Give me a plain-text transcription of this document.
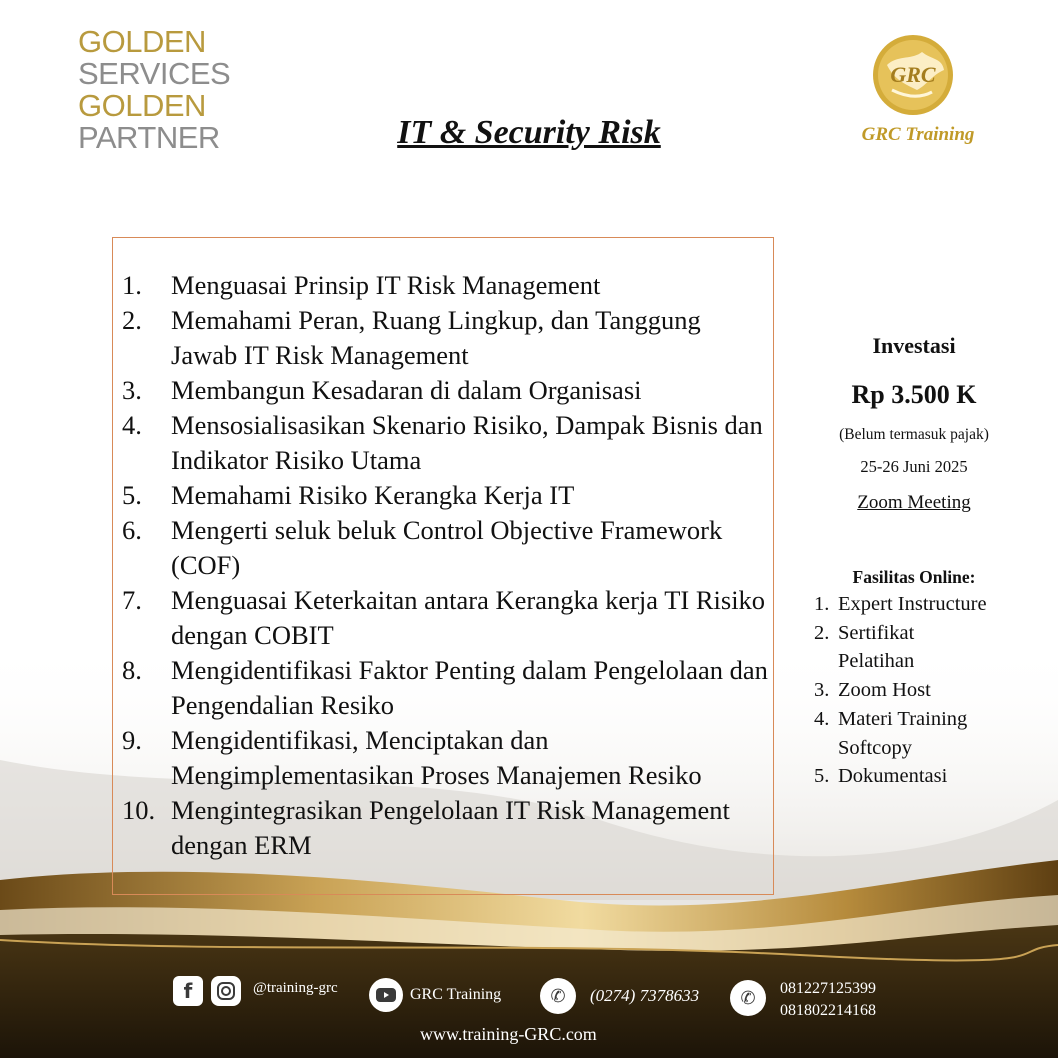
GOLDEN
SERVICES
GOLDEN
PARTNER
GRC
GRC Training
IT & Security Risk
1.	Menguasai Prinsip IT Risk Management
2.	Memahami Peran, Ruang Lingkup, dan Tanggung Jawab IT Risk Management
3.	Membangun Kesadaran di dalam Organisasi
4.	Mensosialisasikan Skenario Risiko, Dampak Bisnis dan Indikator Risiko Utama
5.	Memahami Risiko Kerangka Kerja IT
6.	Mengerti seluk beluk Control Objective Framework (COF)
7.	Menguasai Keterkaitan antara Kerangka kerja TI Risiko dengan COBIT
8.	Mengidentifikasi Faktor Penting dalam Pengelolaan dan Pengendalian Resiko
9.	Mengidentifikasi, Menciptakan dan Mengimplementasikan Proses Manajemen Resiko
10. Mengintegrasikan Pengelolaan IT Risk Management dengan ERM
Investasi
Rp 3.500 K
(Belum termasuk pajak)
25-26 Juni 2025
Zoom Meeting
Fasilitas Online:
1. Expert Instructure
2. Sertifikat Pelatihan
3. Zoom Host
4. Materi Training Softcopy
5. Dokumentasi
f	@training-grc	GRC Training	✆	(0274) 7378633	✆	081227125399
081802214168
www.training-GRC.com
